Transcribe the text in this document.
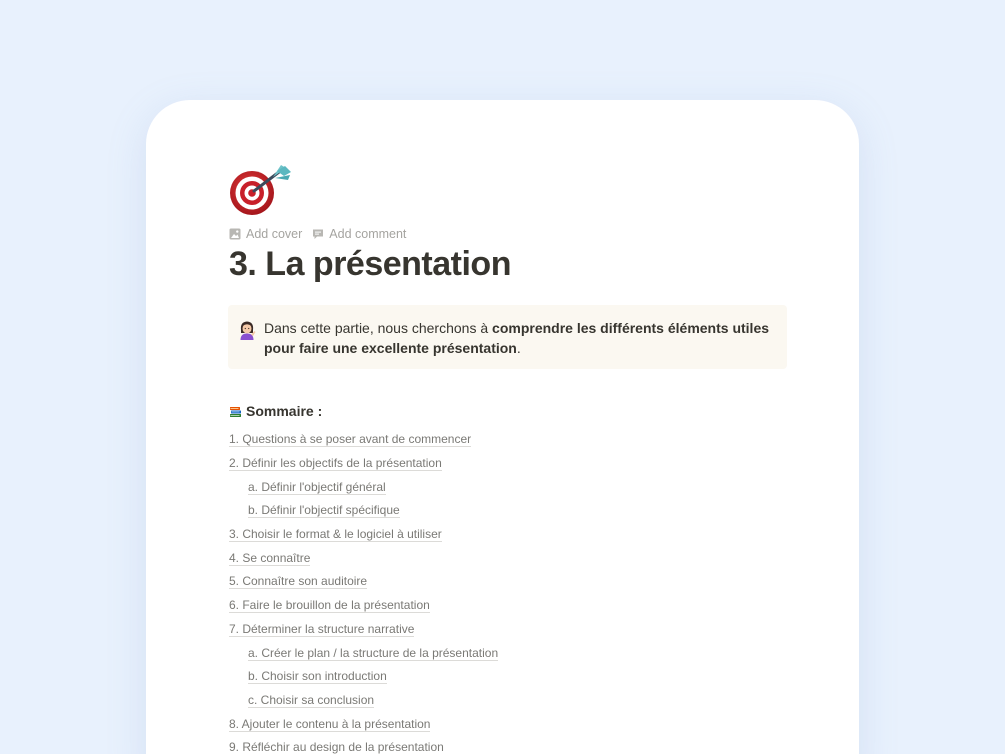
Add cover Add comment
3. La présentation
Dans cette partie, nous cherchons à comprendre les différents éléments utiles pour faire une excellente présentation.
Sommaire :
1. Questions à se poser avant de commencer
2. Définir les objectifs de la présentation
a. Définir l'objectif général
b. Définir l'objectif spécifique
3. Choisir le format & le logiciel à utiliser
4. Se connaître
5. Connaître son auditoire
6. Faire le brouillon de la présentation
7. Déterminer la structure narrative
a. Créer le plan / la structure de la présentation
b. Choisir son introduction
c. Choisir sa conclusion
8. Ajouter le contenu à la présentation
9. Réfléchir au design de la présentation
